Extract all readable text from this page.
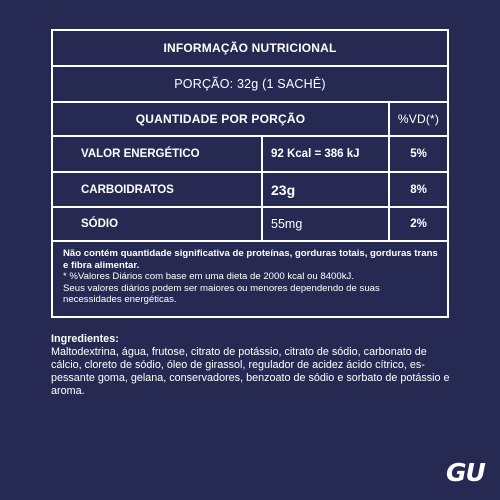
INFORMAÇÃO NUTRICIONAL
PORÇÃO: 32g (1 SACHÊ)
QUANTIDADE POR PORÇÃO	%VD(*)
VALOR ENERGÉTICO	92 Kcal = 386 kJ	5%
CARBOIDRATOS	23g	8%
SÓDIO	55mg	2%

Não contém quantidade significativa de proteínas, gorduras totais, gorduras trans e fibra alimentar.

* %Valores Diários com base em uma dieta de 2000 kcal ou 8400kJ.

Seus valores diários podem ser maiores ou menores dependendo de suas necessidades energéticas.

Ingredientes:
Maltodextrina, água, frutose, citrato de potássio, citrato de sódio, carbonato de cálcio, cloreto de sódio, óleo de girassol, regulador de acidez ácido cítrico, es-pessante goma, gelana, conservadores, benzoato de sódio e sorbato de potássio e aroma.
GU
